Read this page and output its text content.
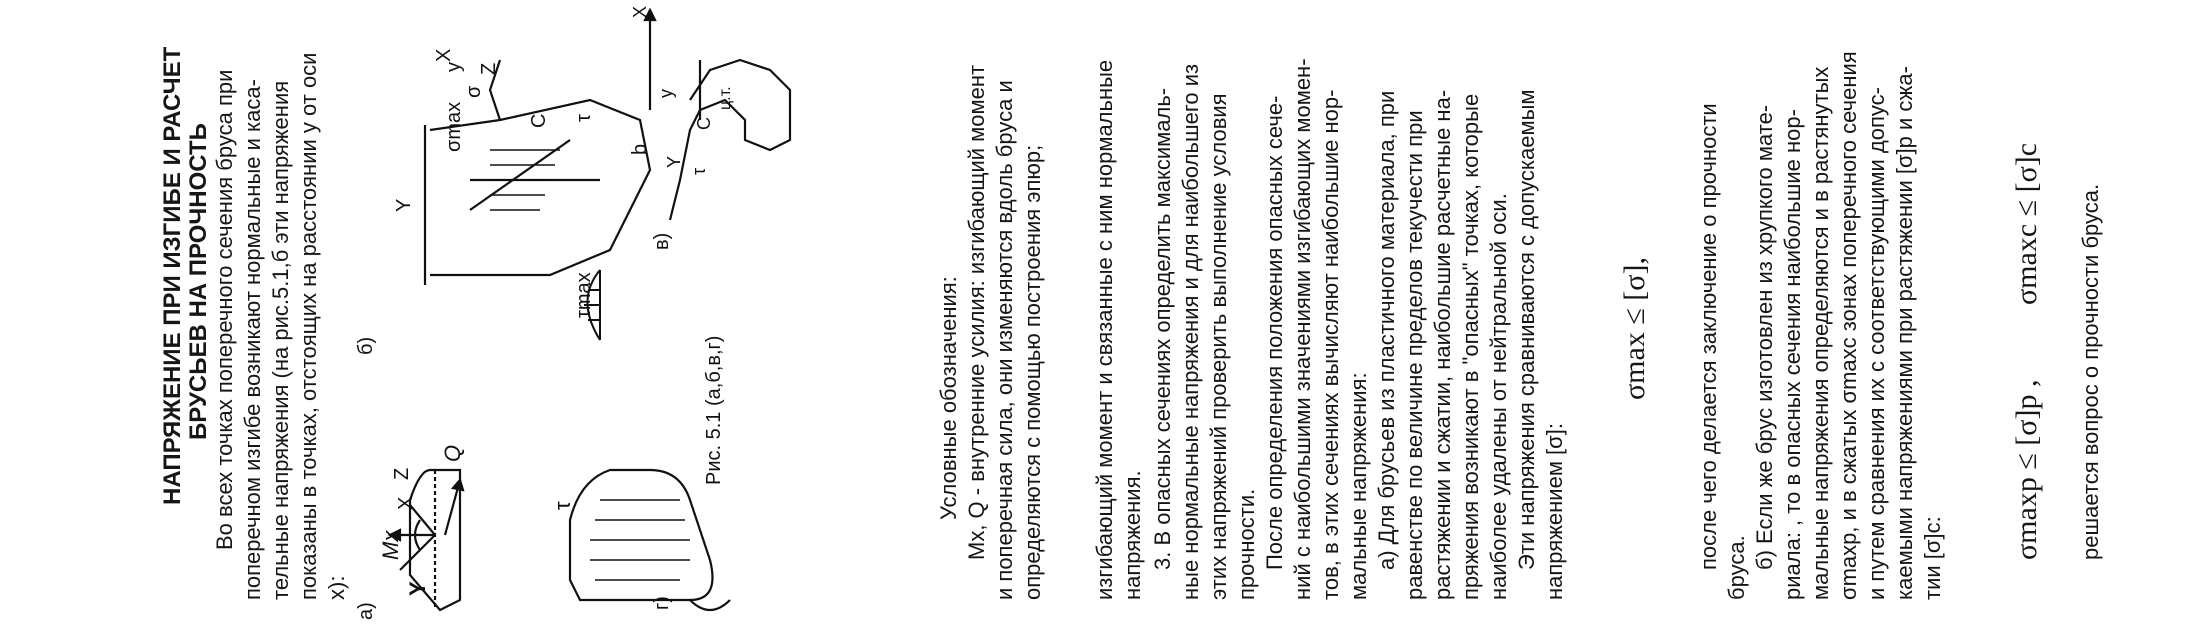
НАПРЯЖЕНИЕ ПРИ ИЗГИБЕ И РАСЧЕТ БРУСЬЕВ НА ПРОЧНОСТЬ Во всех точках поперечного сечения бруса при поперечном изгибе возникают нормальные и каса- тельные напряжения (на рис.5.1,б эти напряжения показаны в точках, отстоящих на расстоянии y от оси x):
а)
б)
г)
в)
Y
Mx
X
Z
Q
Y
σmax
σ
y
X
Z
C τ
τ
τmax
b
Y
τ
C
ц.т.
y
X
Рис. 5.1 (а,б,в,г)	Условные обозначения: Mx, Q - внутренние усилия: изгибающий момент и поперечная сила, они изменяются вдоль бруса и определяются с помощью построения эпюр; изгибающий момент и связанные с ним нормальные напряжения. 3. В опасных сечениях определить максималь- ные нормальные напряжения и для наибольшего из этих напряжений проверить выполнение условия прочности. После определения положения опасных сече- ний с наибольшими значениями изгибающих момен- тов, в этих сечениях вычисляют наибольшие нор- мальные напряжения: а) Для брусьев из пластичного материала, при равенстве по величине пределов текучести при растяжении и сжатии, наибольшие расчетные на- пряжения возникают в "опасных" точках, которые наиболее удалены от нейтральной оси. Эти напряжения сравниваются с допускаемым напряжением [σ]:
σmax ≤ [σ], после чего делается заключение о прочности бруса. б) Если же брус изготовлен из хрупкого мате- риала: , то в опасных сечения наибольшие нор- мальные напряжения определяются и в растянутых σmaxр, и в сжатых σmaxс зонах поперечного сечения и путем сравнения их с соответствующими допус- каемыми напряжениями при растяжении [σ]р и сжа- тии [σ]с: σmaxр ≤ [σ]р ,
σmaxс ≤ [σ]с решается вопрос о прочности бруса.
